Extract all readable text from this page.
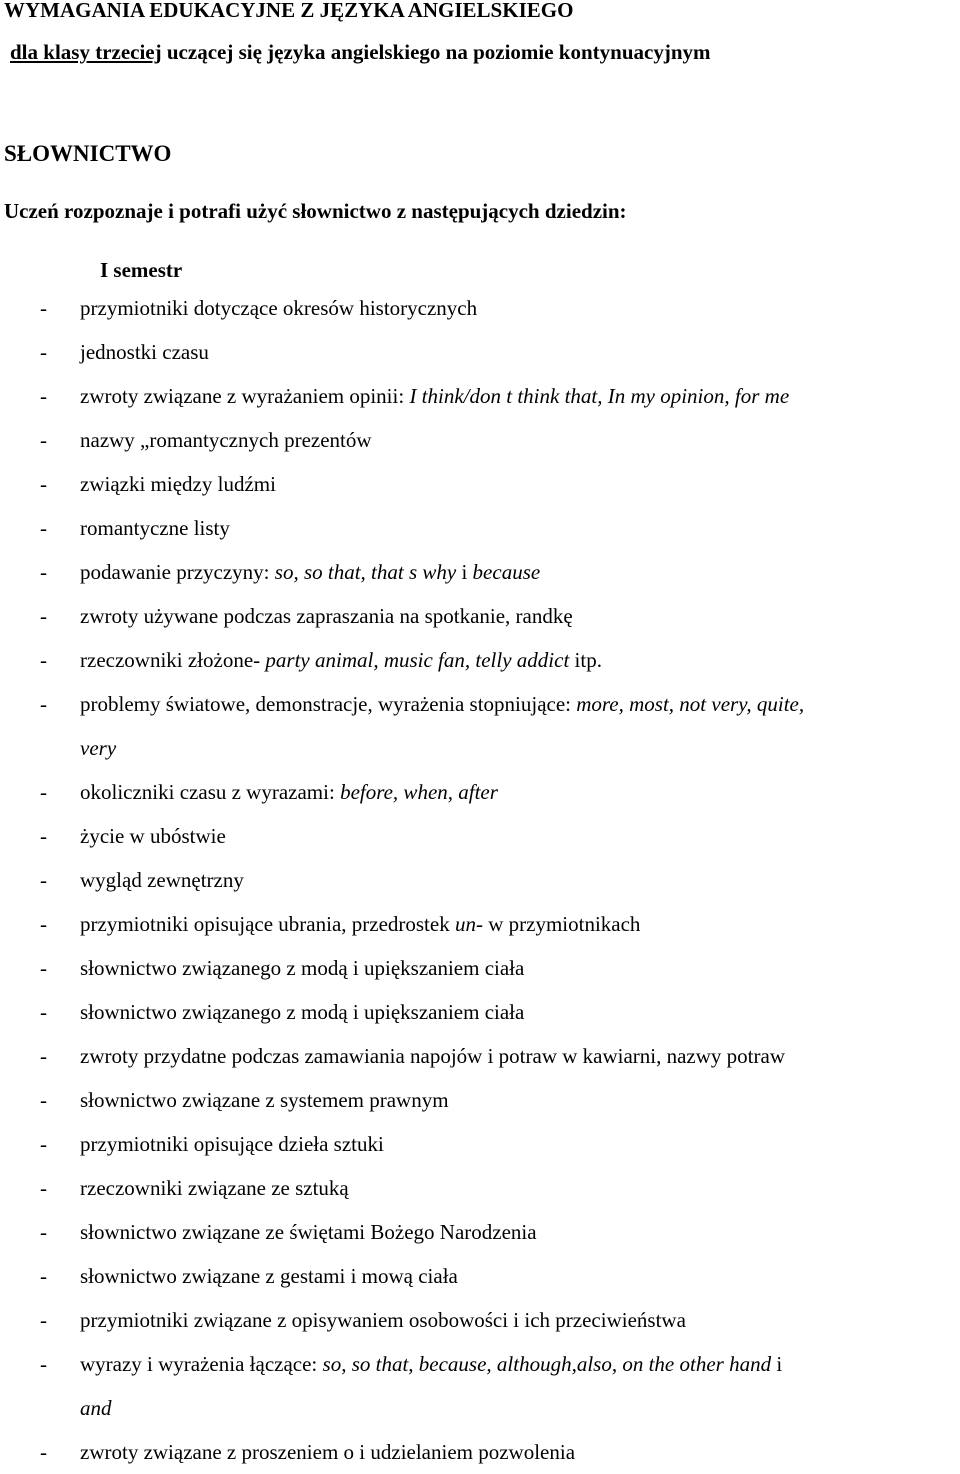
WYMAGANIA EDUKACYJNE Z JĘZYKA ANGIELSKIEGO

dla klasy trzeciej uczącej się języka angielskiego na poziomie kontynuacyjnym

SŁOWNICTWO

Uczeń rozpoznaje i potrafi użyć słownictwo z następujących dziedzin:

I semestr

- przymiotniki dotyczące okresów historycznych
- jednostki czasu
- zwroty związane z wyrażaniem opinii: I think/don t think that, In my opinion, for me
- nazwy „romantycznych prezentów
- związki między ludźmi
- romantyczne listy
- podawanie przyczyny: so, so that, that s why i because
- zwroty używane podczas zapraszania na spotkanie, randkę
- rzeczowniki złożone- party animal, music fan, telly addict itp.
- problemy światowe, demonstracje, wyrażenia stopniujące: more, most, not very, quite,
very
- okoliczniki czasu z wyrazami: before, when, after
- życie w ubóstwie
- wygląd zewnętrzny
- przymiotniki opisujące ubrania, przedrostek un- w przymiotnikach
- słownictwo związanego z modą i upiększaniem ciała
- słownictwo związanego z modą i upiększaniem ciała
- zwroty przydatne podczas zamawiania napojów i potraw w kawiarni, nazwy potraw
- słownictwo związane z systemem prawnym
- przymiotniki opisujące dzieła sztuki
- rzeczowniki związane ze sztuką
- słownictwo związane ze świętami Bożego Narodzenia
- słownictwo związane z gestami i mową ciała
- przymiotniki związane z opisywaniem osobowości i ich przeciwieństwa
- wyrazy i wyrażenia łączące: so, so that, because, although,also, on the other hand i
and
- zwroty związane z proszeniem o i udzielaniem pozwolenia
